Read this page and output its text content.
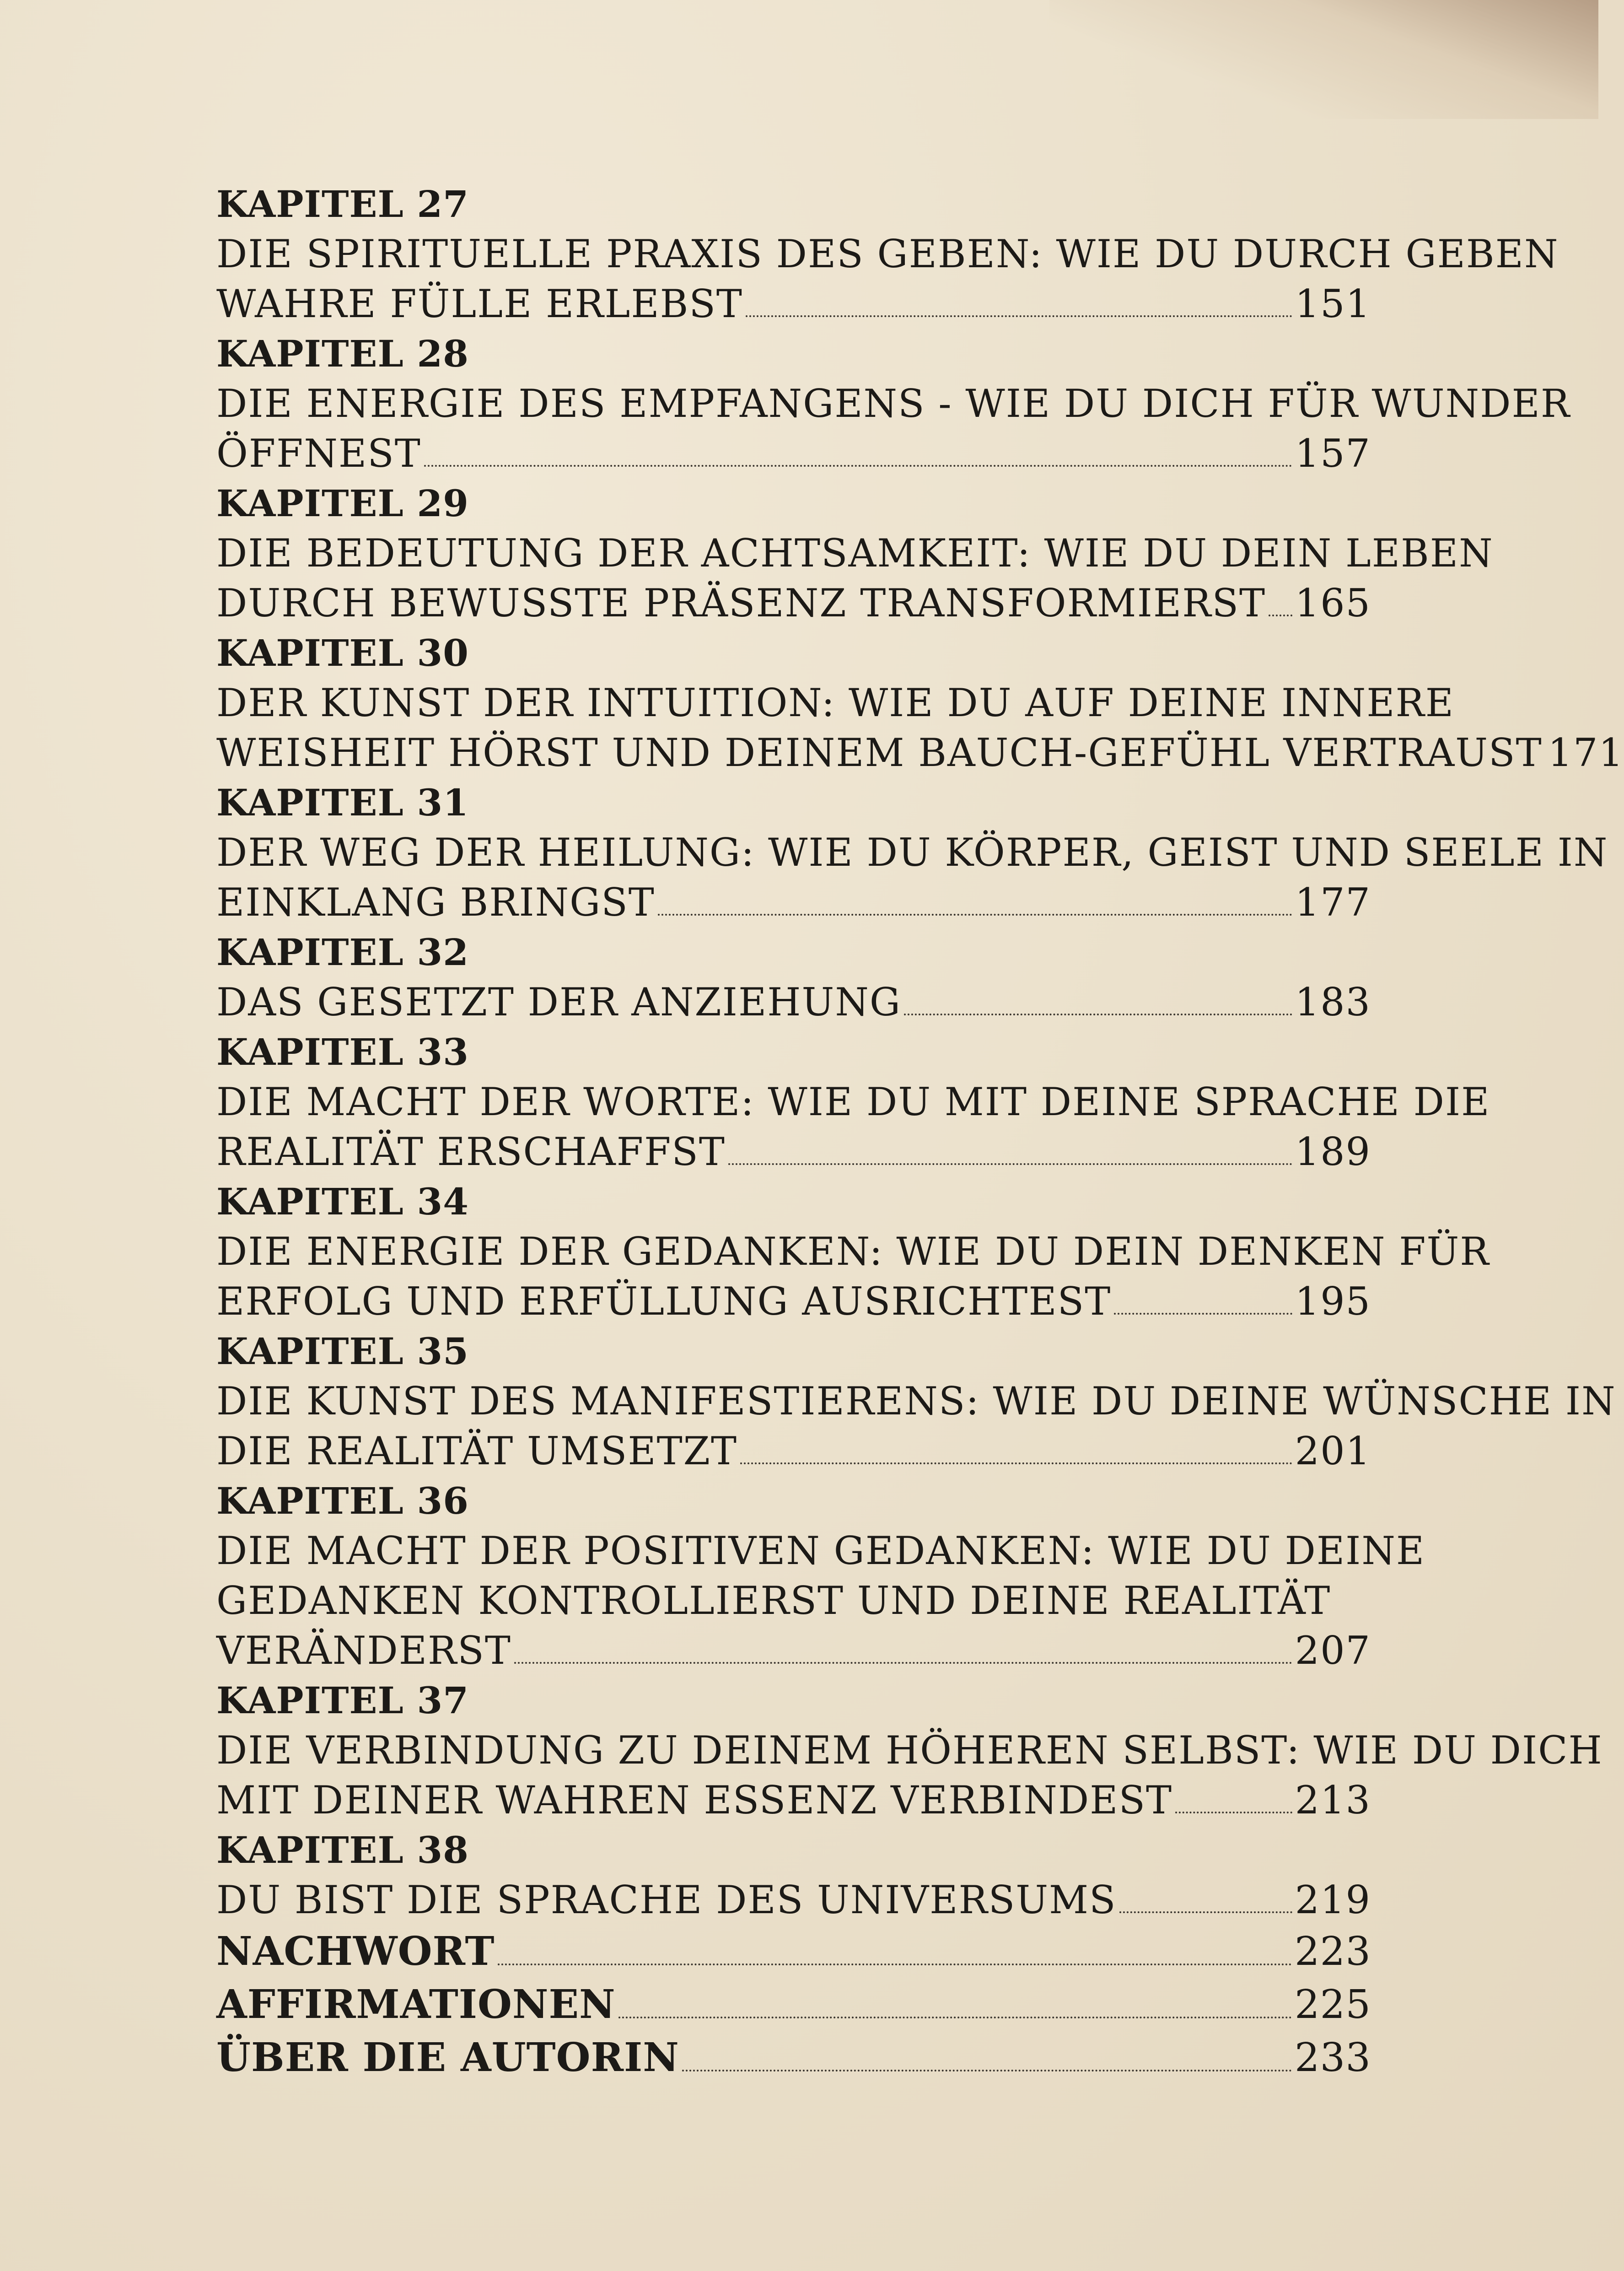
KAPITEL 27
DIE SPIRITUELLE PRAXIS DES GEBEN: WIE DU DURCH GEBEN
WAHRE FÜLLE ERLEBST	151
KAPITEL 28
DIE ENERGIE DES EMPFANGENS - WIE DU DICH FÜR WUNDER
ÖFFNEST	157
KAPITEL 29
DIE BEDEUTUNG DER ACHTSAMKEIT: WIE DU DEIN LEBEN
DURCH BEWUSSTE PRÄSENZ TRANSFORMIERST 165
KAPITEL 30
DER KUNST DER INTUITION: WIE DU AUF DEINE INNERE
WEISHEIT HÖRST UND DEINEM BAUCH-GEFÜHL VERTRAUST 171
KAPITEL 31
DER WEG DER HEILUNG: WIE DU KÖRPER, GEIST UND SEELE IN
EINKLANG BRINGST	177
KAPITEL 32
DAS GESETZT DER ANZIEHUNG	183
KAPITEL 33
DIE MACHT DER WORTE: WIE DU MIT DEINE SPRACHE DIE
REALITÄT ERSCHAFFST	189
KAPITEL 34
DIE ENERGIE DER GEDANKEN: WIE DU DEIN DENKEN FÜR
ERFOLG UND ERFÜLLUNG AUSRICHTEST	195
KAPITEL 35
DIE KUNST DES MANIFESTIERENS: WIE DU DEINE WÜNSCHE IN
DIE REALITÄT UMSETZT	201
KAPITEL 36
DIE MACHT DER POSITIVEN GEDANKEN: WIE DU DEINE
GEDANKEN KONTROLLIERST UND DEINE REALITÄT
VERÄNDERST	207
KAPITEL 37
DIE VERBINDUNG ZU DEINEM HÖHEREN SELBST: WIE DU DICH
MIT DEINER WAHREN ESSENZ VERBINDEST	213
KAPITEL 38
DU BIST DIE SPRACHE DES UNIVERSUMS	219
NACHWORT	223
AFFIRMATIONEN	225
ÜBER DIE AUTORIN	233
